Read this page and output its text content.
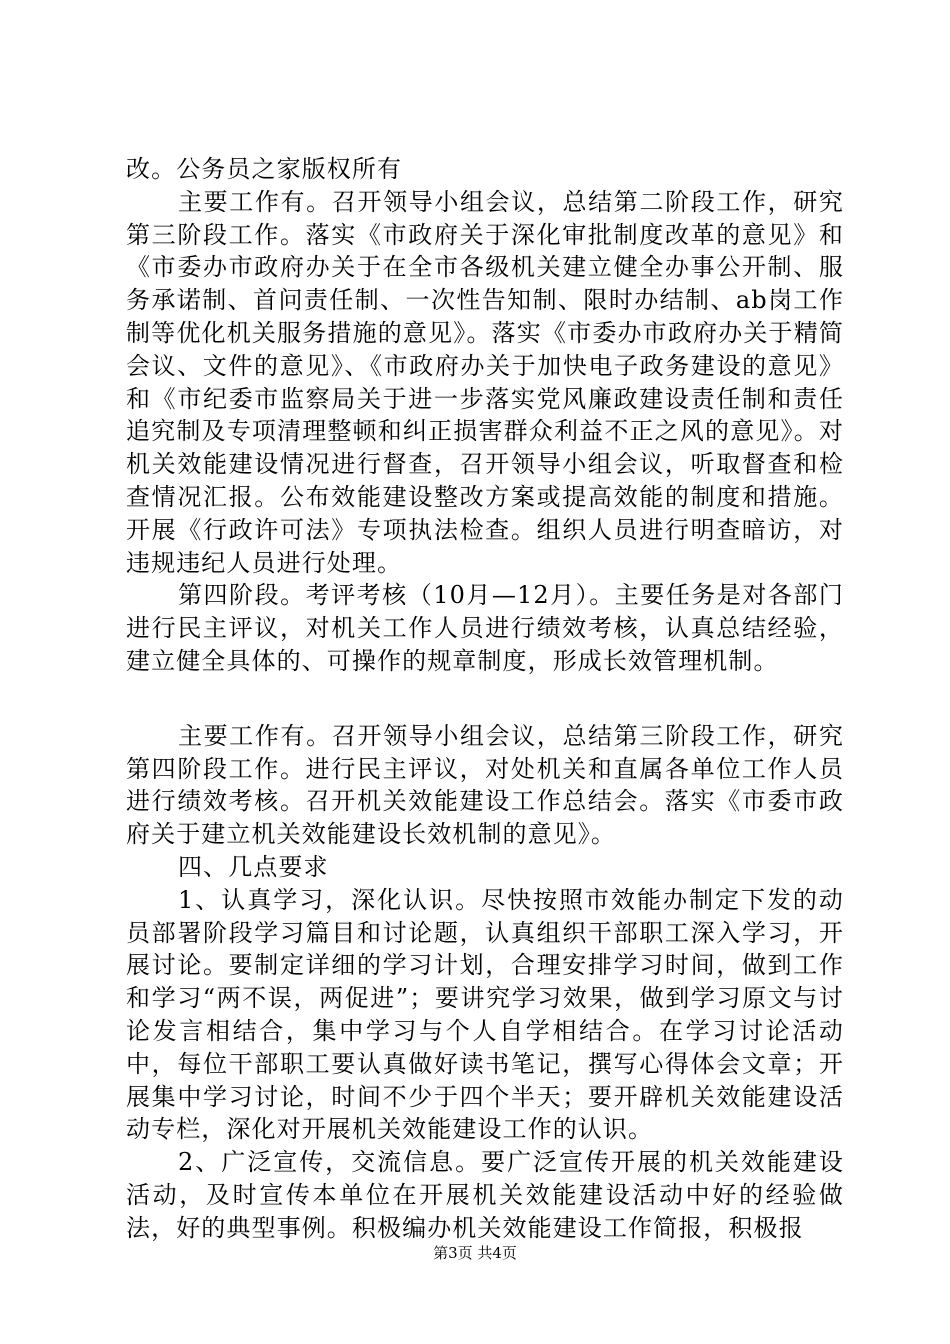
改。公务员之家版权所有

主要工作有。召开领导小组会议，总结第二阶段工作，研究第三阶段工作。落实《市政府关于深化审批制度改革的意见》和《市委办市政府办关于在全市各级机关建立健全办事公开制、服务承诺制、首问责任制、一次性告知制、限时办结制、ab岗工作制等优化机关服务措施的意见》。落实《市委办市政府办关于精简会议、文件的意见》、《市政府办关于加快电子政务建设的意见》和《市纪委市监察局关于进一步落实党风廉政建设责任制和责任追究制及专项清理整顿和纠正损害群众利益不正之风的意见》。对机关效能建设情况进行督查，召开领导小组会议，听取督查和检查情况汇报。公布效能建设整改方案或提高效能的制度和措施。开展《行政许可法》专项执法检查。组织人员进行明查暗访，对违规违纪人员进行处理。

第四阶段。考评考核（10月—12月）。主要任务是对各部门进行民主评议，对机关工作人员进行绩效考核，认真总结经验，建立健全具体的、可操作的规章制度，形成长效管理机制。

主要工作有。召开领导小组会议，总结第三阶段工作，研究第四阶段工作。进行民主评议，对处机关和直属各单位工作人员进行绩效考核。召开机关效能建设工作总结会。落实《市委市政府关于建立机关效能建设长效机制的意见》。

四、几点要求

1、认真学习，深化认识。尽快按照市效能办制定下发的动员部署阶段学习篇目和讨论题，认真组织干部职工深入学习，开展讨论。要制定详细的学习计划，合理安排学习时间，做到工作和学习“两不误，两促进”；要讲究学习效果，做到学习原文与讨论发言相结合，集中学习与个人自学相结合。在学习讨论活动中，每位干部职工要认真做好读书笔记，撰写心得体会文章；开展集中学习讨论，时间不少于四个半天；要开辟机关效能建设活动专栏，深化对开展机关效能建设工作的认识。

2、广泛宣传，交流信息。要广泛宣传开展的机关效能建设活动，及时宣传本单位在开展机关效能建设活动中好的经验做法，好的典型事例。积极编办机关效能建设工作简报，积极报

第3页 共4页
